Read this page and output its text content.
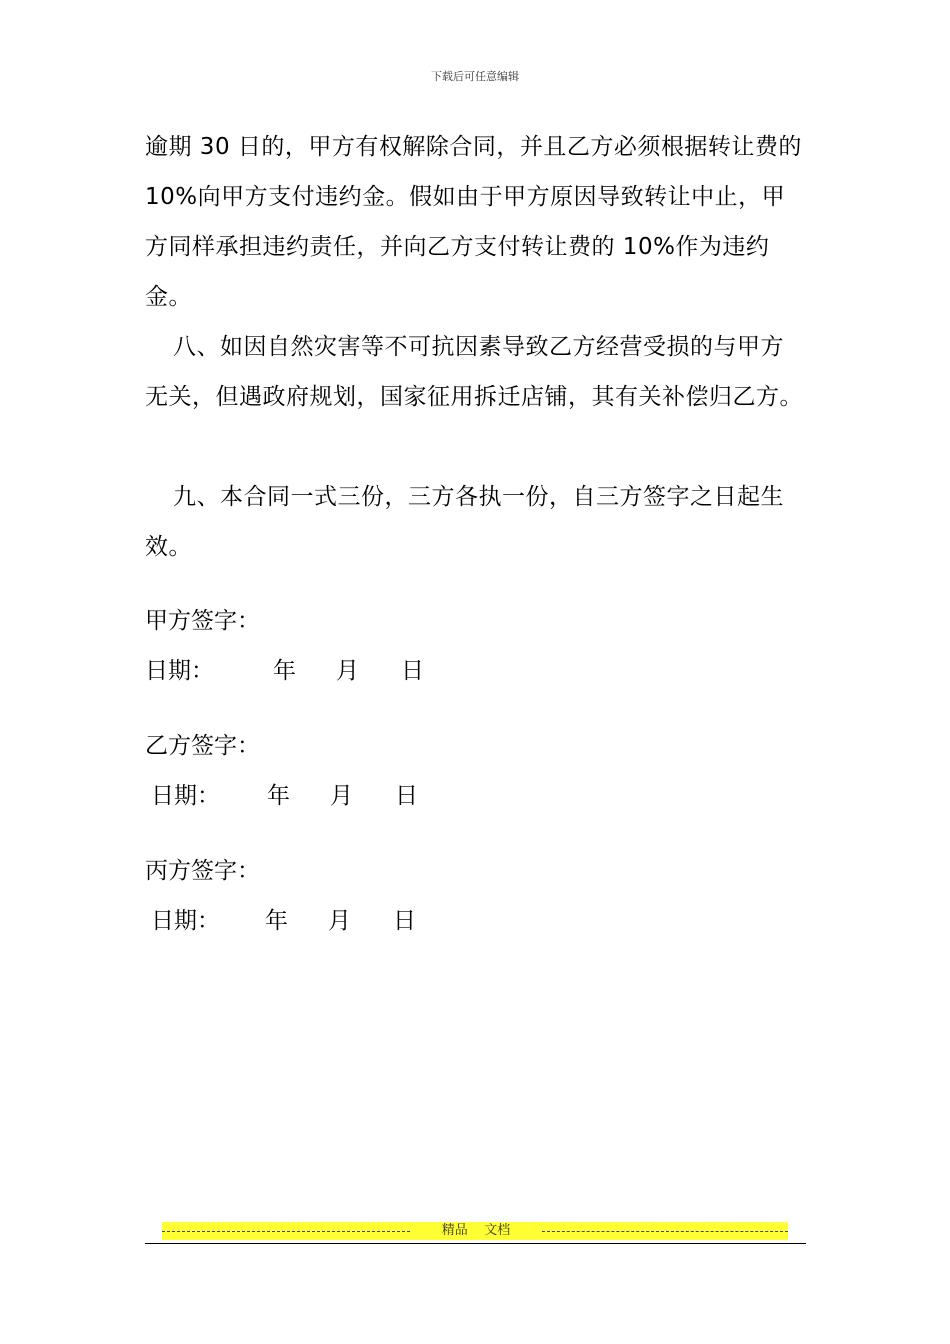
下载后可任意编辑
逾期 30 日的，甲方有权解除合同，并且乙方必须根据转让费的 10%向甲方支付违约金。假如由于甲方原因导致转让中止，甲方同样承担违约责任，并向乙方支付转让费的 10%作为违约金。
八、如因自然灾害等不可抗因素导致乙方经营受损的与甲方无关，但遇政府规划，国家征用拆迁店铺，其有关补偿归乙方。
九、本合同一式三份，三方各执一份，自三方签字之日起生效。
甲方签字：
日期：	年 月 日
乙方签字：
日期： 年 月 日
丙方签字：
日期： 年 月 日
精品    文档
